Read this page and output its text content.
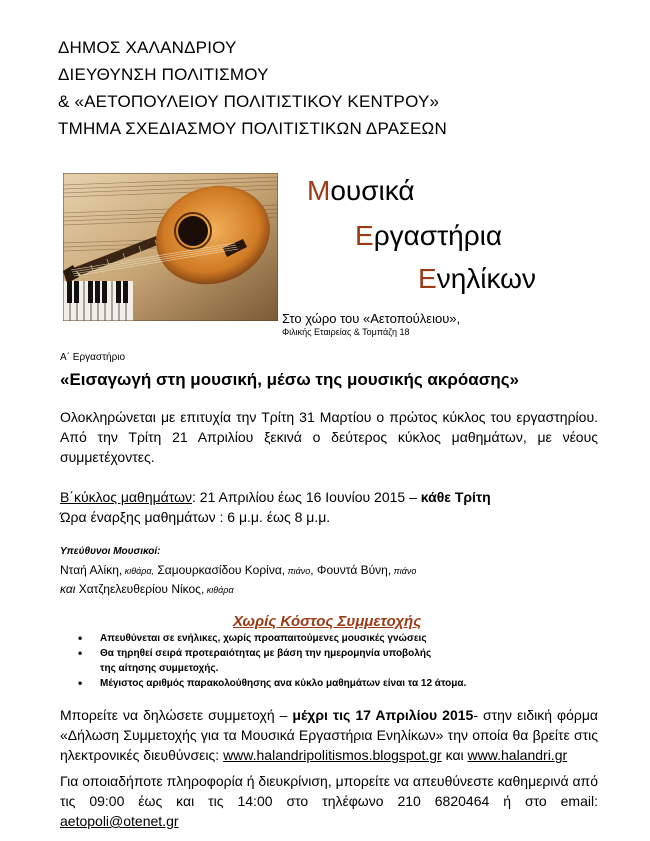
ΔΗΜΟΣ ΧΑΛΑΝΔΡΙΟΥ
ΔΙΕΥΘΥΝΣΗ ΠΟΛΙΤΙΣΜΟΥ
& «ΑΕΤΟΠΟΥΛΕΙΟΥ ΠΟΛΙΤΙΣΤΙΚΟΥ ΚΕΝΤΡΟΥ»
ΤΜΗΜΑ ΣΧΕΔΙΑΣΜΟΥ ΠΟΛΙΤΙΣΤΙΚΩΝ ΔΡΑΣΕΩΝ
Μουσικά
Εργαστήρια
Ενηλίκων
Στο χώρο του «Αετοπούλειου»,
Φιλικής Εταιρείας & Τομπάζη 18
Α΄ Εργαστήριο
«Εισαγωγή στη μουσική, μέσω της μουσικής ακρόασης»
Ολοκληρώνεται με επιτυχία την Τρίτη 31 Μαρτίου ο πρώτος κύκλος του εργαστηρίου. Από την Τρίτη 21 Απριλίου ξεκινά ο δεύτερος κύκλος μαθημάτων, με νέους συμμετέχοντες.
Β΄κύκλος μαθημάτων: 21 Απριλίου έως 16 Ιουνίου 2015 – κάθε Τρίτη
Ώρα έναρξης μαθημάτων : 6 μ.μ. έως 8 μ.μ.
Υπεύθυνοι Μουσικοί:
Νταή Αλίκη, κιθάρα, Σαμουρκασίδου Κορίνα, πιάνο, Φουντά Βύνη, πιάνο
και Χατζηελευθερίου Νίκος, κιθάρα
Χωρίς Κόστος Συμμετοχής
• Απευθύνεται σε ενήλικες, χωρίς προαπαιτούμενες μουσικές γνώσεις
• Θα τηρηθεί σειρά προτεραιότητας με βάση την ημερομηνία υποβολής
της αίτησης συμμετοχής.
• Μέγιστος αριθμός παρακολούθησης ανα κύκλο μαθημάτων είναι τα 12 άτομα.
Μπορείτε να δηλώσετε συμμετοχή – μέχρι τις 17 Απριλίου 2015- στην ειδική φόρμα «Δήλωση Συμμετοχής για τα Μουσικά Εργαστήρια Ενηλίκων» την οποία θα βρείτε στις ηλεκτρονικές διευθύνσεις: www.halandripolitismos.blogspot.gr και www.halandri.gr
Για οποιαδήποτε πληροφορία ή διευκρίνιση, μπορείτε να απευθύνεστε καθημερινά από τις 09:00 έως και τις 14:00 στο τηλέφωνο 210 6820464 ή στο email: aetopoli@otenet.gr
